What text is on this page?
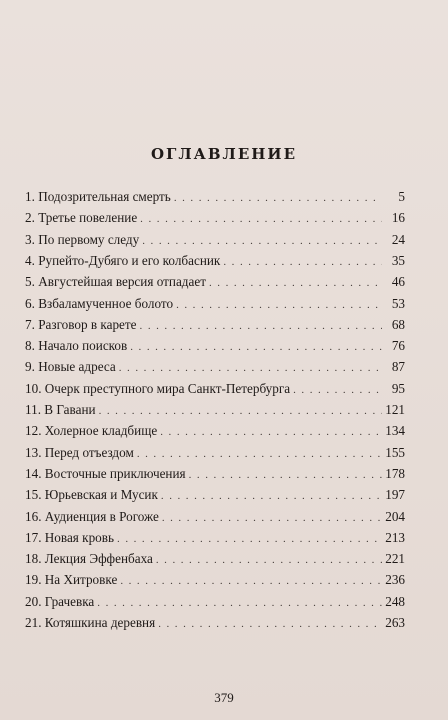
ОГЛАВЛЕНИЕ
1. Подозрительная смерть . . .	5
2. Третье повеление . . .	16
3. По первому следу . . .	24
4. Рупейто-Дубяго и его колбасник . . .	35
5. Августейшая версия отпадает . . .	46
6. Взбаламученное болото . . .	53
7. Разговор в карете . . .	68
8. Начало поисков . . .	76
9. Новые адреса . . .	87
10. Очерк преступного мира Санкт-Петербурга . . .	95
11. В Гавани . . .	121
12. Холерное кладбище . . .	134
13. Перед отъездом . . .	155
14. Восточные приключения . . .	178
15. Юрьевская и Мусик . . .	197
16. Аудиенция в Рогоже . . .	204
17. Новая кровь . . .	213
18. Лекция Эффенбаха . . .	221
19. На Хитровке . . .	236
20. Грачевка . . .	248
21. Котяшкина деревня . . .	263
379
